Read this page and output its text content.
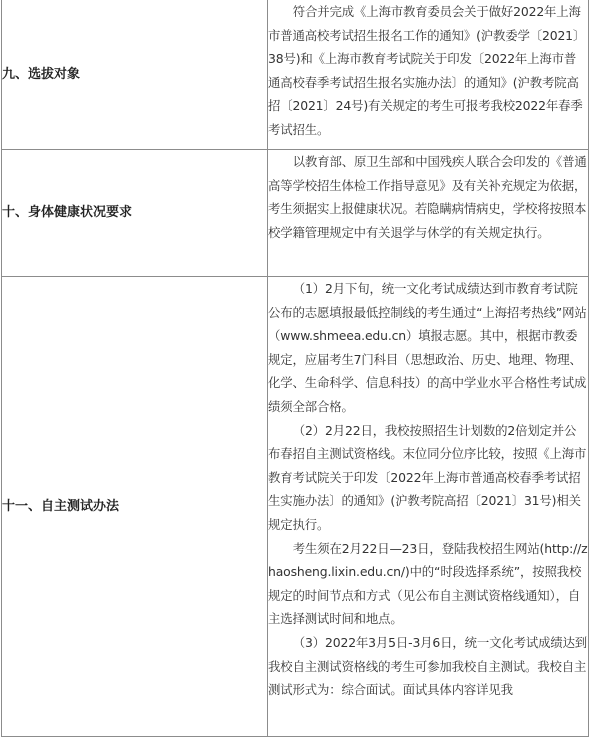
九、选拔对象	符合并完成《上海市教育委员会关于做好2022年上海市普通高校考试招生报名工作的通知》(沪教委学〔2021〕38号)和《上海市教育考试院关于印发〔2022年上海市普通高校春季考试招生报名实施办法〕的通知》(沪教考院高招〔2021〕24号)有关规定的考生可报考我校2022年春季考试招生。

十、身体健康状况要求	以教育部、原卫生部和中国残疾人联合会印发的《普通高等学校招生体检工作指导意见》及有关补充规定为依据，考生须据实上报健康状况。若隐瞒病情病史，学校将按照本校学籍管理规定中有关退学与休学的有关规定执行。

十一、自主测试办法	（1）2月下旬，统一文化考试成绩达到市教育考试院公布的志愿填报最低控制线的考生通过“上海招考热线”网站（www.shmeea.edu.cn）填报志愿。其中，根据市教委规定，应届考生7门科目（思想政治、历史、地理、物理、化学、生命科学、信息科技）的高中学业水平合格性考试成绩须全部合格。

（2）2月22日，我校按照招生计划数的2倍划定并公布春招自主测试资格线。末位同分位序比较，按照《上海市教育考试院关于印发〔2022年上海市普通高校春季考试招生实施办法〕的通知》(沪教考院高招〔2021〕31号)相关规定执行。

考生须在2月22日—23日，登陆我校招生网站(http://zhaosheng.lixin.edu.cn/)中的“时段选择系统”，按照我校规定的时间节点和方式（见公布自主测试资格线通知），自主选择测试时间和地点。

（3）2022年3月5日-3月6日，统一文化考试成绩达到我校自主测试资格线的考生可参加我校自主测试。我校自主测试形式为：综合面试。面试具体内容详见我
